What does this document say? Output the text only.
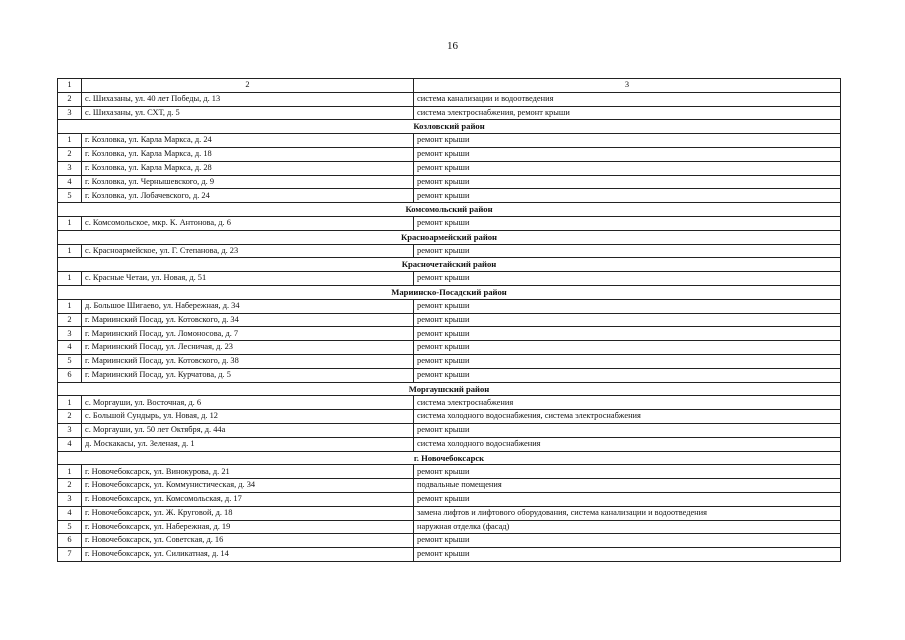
16
1	2	3
2	с. Шихазаны, ул. 40 лет Победы, д. 13	система канализации и водоотведения
3	с. Шихазаны, ул. СХТ, д. 5	система электроснабжения, ремонт крыши
Козловский район		
1	г. Козловка, ул. Карла Маркса, д. 24	ремонт крыши
2	г. Козловка, ул. Карла Маркса, д. 18	ремонт крыши
3	г. Козловка, ул. Карла Маркса, д. 28	ремонт крыши
4	г. Козловка, ул. Чернышевского, д. 9	ремонт крыши
5	г. Козловка, ул. Лобачевского, д. 24	ремонт крыши
Комсомольский район		
1	с. Комсомольское, мкр. К. Антонова, д. 6	ремонт крыши
Красноармейский район		
1	с. Красноармейское, ул. Г. Степанова, д. 23	ремонт крыши
Красночетайский район		
1	с. Красные Четаи, ул. Новая, д. 51	ремонт крыши
Мариинско-Посадский район		
1	д. Большое Шигаево, ул. Набережная, д. 34	ремонт крыши
2	г. Мариинский Посад, ул. Котовского, д. 34	ремонт крыши
3	г. Мариинский Посад, ул. Ломоносова, д. 7	ремонт крыши
4	г. Мариинский Посад, ул. Лесничая, д. 23	ремонт крыши
5	г. Мариинский Посад, ул. Котовского, д. 38	ремонт крыши
6	г. Мариинский Посад, ул. Курчатова, д. 5	ремонт крыши
Моргаушский район		
1	с. Моргауши, ул. Восточная, д. 6	система электроснабжения
2	с. Большой Сундырь, ул. Новая, д. 12	система холодного водоснабжения, система электроснабжения
3	с. Моргауши, ул. 50 лет Октября, д. 44а	ремонт крыши
4	д. Москакасы, ул. Зеленая, д. 1	система холодного водоснабжения
г. Новочебоксарск		
1	г. Новочебоксарск, ул. Винокурова, д. 21	ремонт крыши
2	г. Новочебоксарск, ул. Коммунистическая, д. 34	подвальные помещения
3	г. Новочебоксарск, ул. Комсомольская, д. 17	ремонт крыши
4	г. Новочебоксарск, ул. Ж. Круговой, д. 18	замена лифтов и лифтового оборудования, система канализации и водоотведения
5	г. Новочебоксарск, ул. Набережная, д. 19	наружная отделка (фасад)
6	г. Новочебоксарск, ул. Советская, д. 16	ремонт крыши
7	г. Новочебоксарск, ул. Силикатная, д. 14	ремонт крыши
